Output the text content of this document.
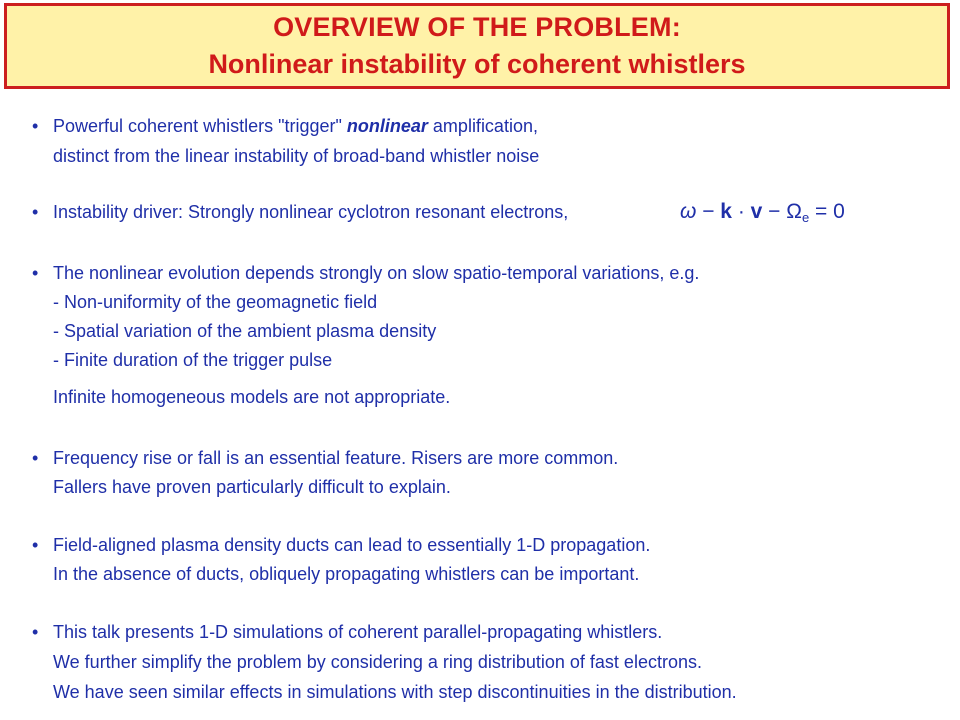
OVERVIEW OF THE PROBLEM:
Nonlinear instability of coherent whistlers
• Powerful coherent whistlers "trigger" nonlinear amplification,
distinct from the linear instability of broad-band whistler noise
• Instability driver: Strongly nonlinear cyclotron resonant electrons,	$\omega - k \cdot v - \Omega_e = 0$
• The nonlinear evolution depends strongly on slow spatio-temporal variations, e.g.
- Non-uniformity of the geomagnetic field
- Spatial variation of the ambient plasma density
- Finite duration of the trigger pulse
Infinite homogeneous models are not appropriate.
• Frequency rise or fall is an essential feature. Risers are more common.
Fallers have proven particularly difficult to explain.
• Field-aligned plasma density ducts can lead to essentially 1-D propagation.
In the absence of ducts, obliquely propagating whistlers can be important.
• This talk presents 1-D simulations of coherent parallel-propagating whistlers.
We further simplify the problem by considering a ring distribution of fast electrons.
We have seen similar effects in simulations with step discontinuities in the distribution.
